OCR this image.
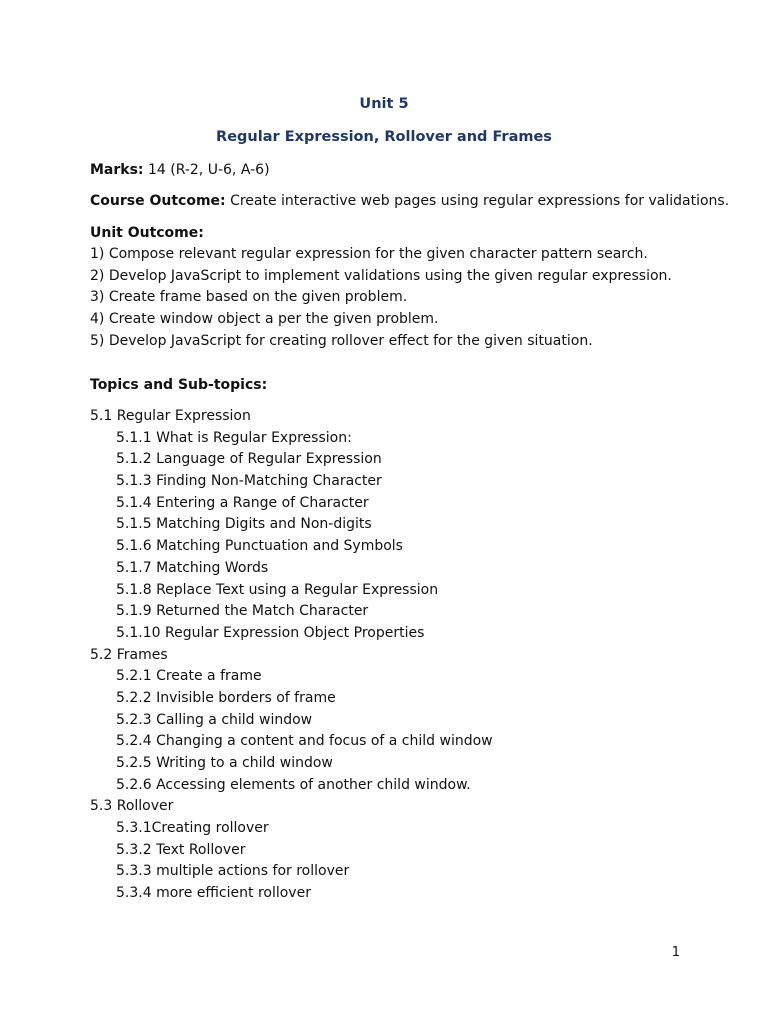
Unit 5
Regular Expression, Rollover and Frames
Marks: 14 (R-2, U-6, A-6)
Course Outcome: Create interactive web pages using regular expressions for validations.
Unit Outcome:
1) Compose relevant regular expression for the given character pattern search.
2) Develop JavaScript to implement validations using the given regular expression.
3) Create frame based on the given problem.
4) Create window object a per the given problem.
5) Develop JavaScript for creating rollover effect for the given situation.
Topics and Sub-topics:
5.1 Regular Expression
5.1.1 What is Regular Expression:
5.1.2 Language of Regular Expression
5.1.3 Finding Non-Matching Character
5.1.4 Entering a Range of Character
5.1.5 Matching Digits and Non-digits
5.1.6 Matching Punctuation and Symbols
5.1.7 Matching Words
5.1.8 Replace Text using a Regular Expression
5.1.9 Returned the Match Character
5.1.10 Regular Expression Object Properties
5.2 Frames
5.2.1 Create a frame
5.2.2 Invisible borders of frame
5.2.3 Calling a child window
5.2.4 Changing a content and focus of a child window
5.2.5 Writing to a child window
5.2.6 Accessing elements of another child window.
5.3 Rollover
5.3.1Creating rollover
5.3.2 Text Rollover
5.3.3 multiple actions for rollover
5.3.4 more efficient rollover
1
